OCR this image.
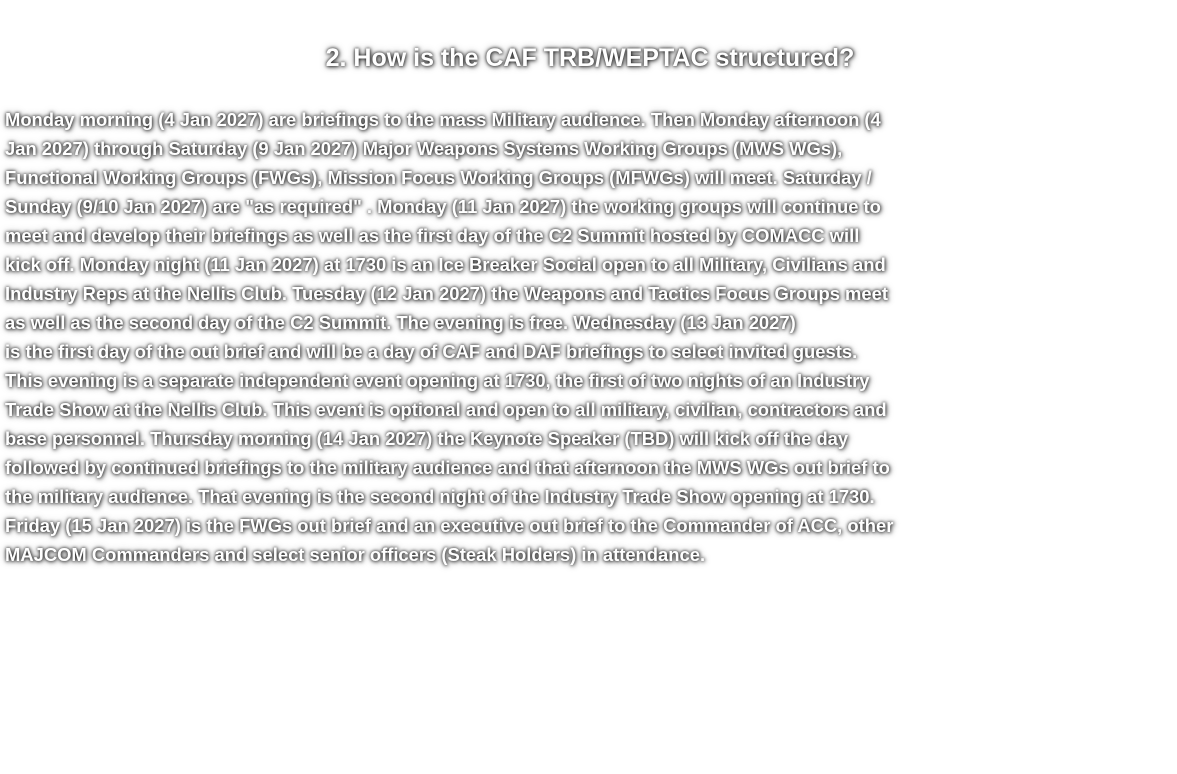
2. How is the CAF TRB/WEPTAC structured?
Monday morning (4 Jan 2027) are briefings to the mass Military audience. Then Monday afternoon (4
Jan 2027) through Saturday (9 Jan 2027) Major Weapons Systems Working Groups (MWS WGs),
Functional Working Groups (FWGs), Mission Focus Working Groups (MFWGs) will meet. Saturday /
Sunday (9/10 Jan 2027) are "as required" . Monday (11 Jan 2027) the working groups will continue to
meet and develop their briefings as well as the first day of the C2 Summit hosted by COMACC will
kick off. Monday night (11 Jan 2027) at 1730 is an Ice Breaker Social open to all Military, Civilians and
Industry Reps at the Nellis Club. Tuesday (12 Jan 2027) the Weapons and Tactics Focus Groups meet
as well as the second day of the C2 Summit. The evening is free. Wednesday (13 Jan 2027)
is the first day of the out brief and will be a day of CAF and DAF briefings to select invited guests.
This evening is a separate independent event opening at 1730, the first of two nights of an Industry
Trade Show at the Nellis Club. This event is optional and open to all military, civilian, contractors and
base personnel. Thursday morning (14 Jan 2027) the Keynote Speaker (TBD) will kick off the day
followed by continued briefings to the military audience and that afternoon the MWS WGs out brief to
the military audience. That evening is the second night of the Industry Trade Show opening at 1730.
Friday (15 Jan 2027) is the FWGs out brief and an executive out brief to the Commander of ACC, other
MAJCOM Commanders and select senior officers (Steak Holders) in attendance.
